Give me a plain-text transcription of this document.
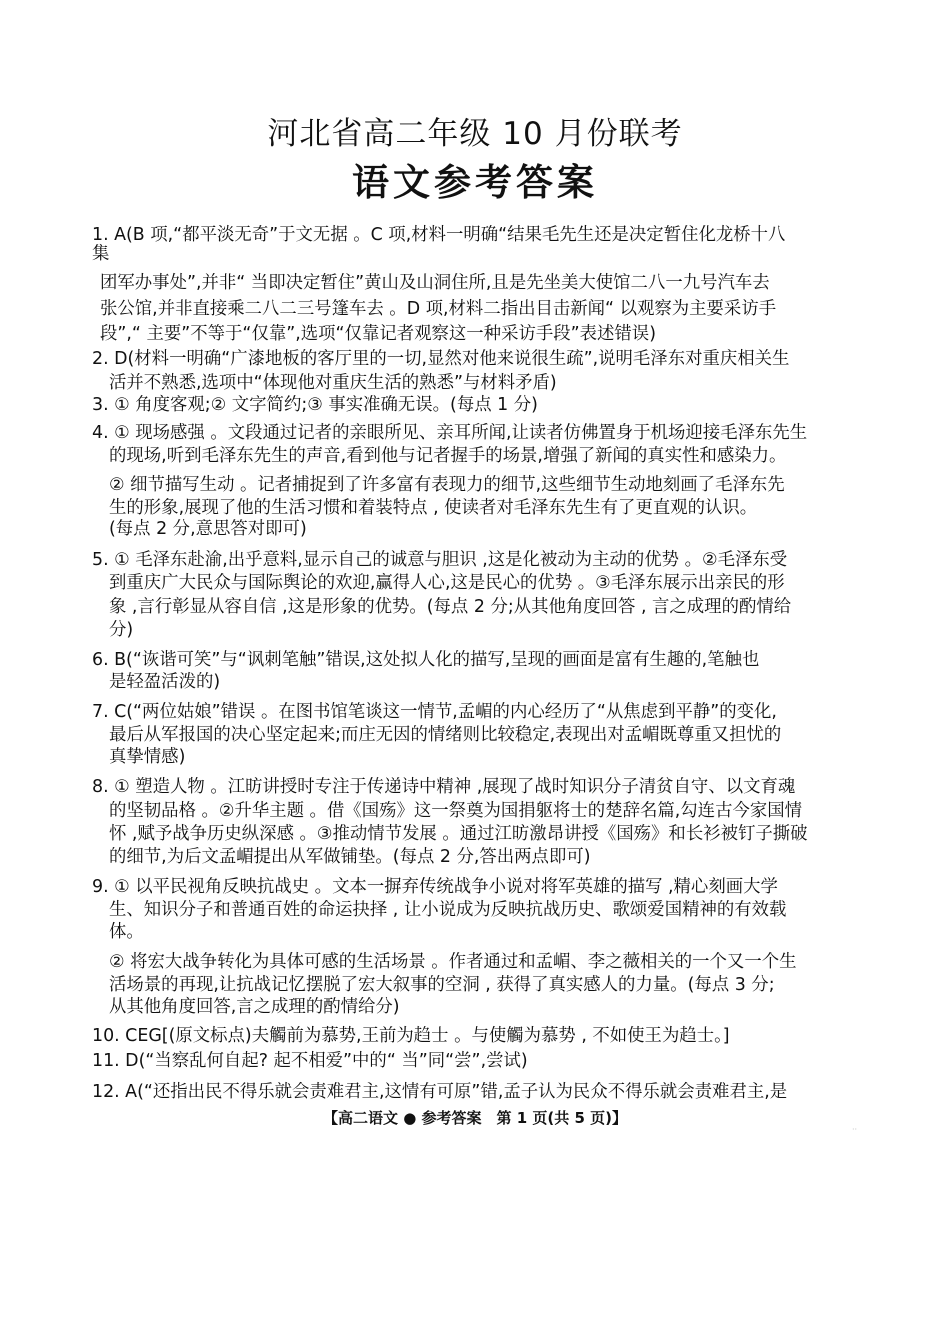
河北省高二年级 10 月份联考
语文参考答案
1. A(B 项,“都平淡无奇”于文无据 。C 项,材料一明确“结果毛先生还是决定暂住化龙桥十八
集
团军办事处”,并非“ 当即决定暂住”黄山及山洞住所,且是先坐美大使馆二八一九号汽车去
张公馆,并非直接乘二八二三号篷车去 。D 项,材料二指出目击新闻“ 以观察为主要采访手
段”,“ 主要”不等于“仅靠”,选项“仅靠记者观察这一种采访手段”表述错误)
2. D(材料一明确“广漆地板的客厅里的一切,显然对他来说很生疏”,说明毛泽东对重庆相关生
活并不熟悉,选项中“体现他对重庆生活的熟悉”与材料矛盾)
3. ① 角度客观;② 文字简约;③ 事实准确无误。(每点 1 分)
4. ① 现场感强 。文段通过记者的亲眼所见、亲耳所闻,让读者仿佛置身于机场迎接毛泽东先生
的现场,听到毛泽东先生的声音,看到他与记者握手的场景,增强了新闻的真实性和感染力。
② 细节描写生动 。记者捕捉到了许多富有表现力的细节,这些细节生动地刻画了毛泽东先
生的形象,展现了他的生活习惯和着装特点 , 使读者对毛泽东先生有了更直观的认识。
(每点 2 分,意思答对即可)
5. ① 毛泽东赴渝,出乎意料,显示自己的诚意与胆识 ,这是化被动为主动的优势 。②毛泽东受
到重庆广大民众与国际舆论的欢迎,赢得人心,这是民心的优势 。③毛泽东展示出亲民的形
象 ,言行彰显从容自信 ,这是形象的优势。(每点 2 分;从其他角度回答 , 言之成理的酌情给
分)
6. B(“诙谐可笑”与“讽刺笔触”错误,这处拟人化的描写,呈现的画面是富有生趣的,笔触也
是轻盈活泼的)
7. C(“两位姑娘”错误 。在图书馆笔谈这一情节,孟嵋的内心经历了“从焦虑到平静”的变化,
最后从军报国的决心坚定起来;而庄无因的情绪则比较稳定,表现出对孟嵋既尊重又担忧的
真挚情感)
8. ① 塑造人物 。江昉讲授时专注于传递诗中精神 ,展现了战时知识分子清贫自守、以文育魂
的坚韧品格 。②升华主题 。借《国殇》这一祭奠为国捐躯将士的楚辞名篇,勾连古今家国情
怀 ,赋予战争历史纵深感 。③推动情节发展 。通过江昉激昂讲授《国殇》和长衫被钉子撕破
的细节,为后文孟嵋提出从军做铺垫。(每点 2 分,答出两点即可)
9. ① 以平民视角反映抗战史 。文本一摒弃传统战争小说对将军英雄的描写 ,精心刻画大学
生、知识分子和普通百姓的命运抉择 , 让小说成为反映抗战历史、歌颂爱国精神的有效载
体。
② 将宏大战争转化为具体可感的生活场景 。作者通过和孟嵋、李之薇相关的一个又一个生
活场景的再现,让抗战记忆摆脱了宏大叙事的空洞 , 获得了真实感人的力量。(每点 3 分;
从其他角度回答,言之成理的酌情给分)
10. CEG[(原文标点)夫觸前为慕势,王前为趋士 。与使觸为慕势 , 不如使王为趋士。]
11. D(“当察乱何自起? 起不相爱”中的“ 当”同“尝”,尝试)
12. A(“还指出民不得乐就会责难君主,这情有可原”错,孟子认为民众不得乐就会责难君主,是
【高二语文 ● 参考答案　第 1 页(共 5 页)】
··
